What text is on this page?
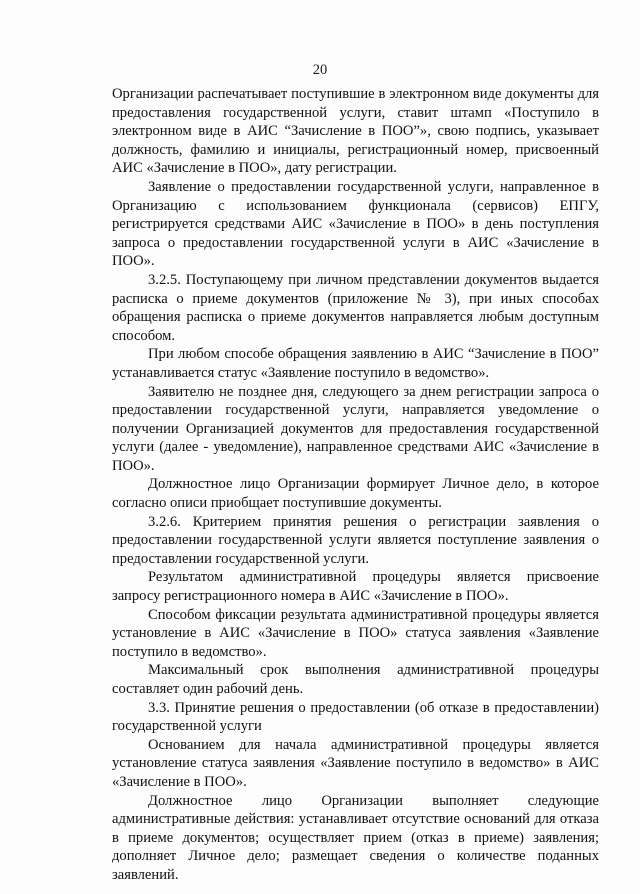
20

Организации распечатывает поступившие в электронном виде документы для предоставления государственной услуги, ставит штамп «Поступило в электронном виде в АИС “Зачисление в ПОО”», свою подпись, указывает должность, фамилию и инициалы, регистрационный номер, присвоенный АИС «Зачисление в ПОО», дату регистрации.

Заявление о предоставлении государственной услуги, направленное в Организацию с использованием функционала (сервисов) ЕПГУ, регистрируется средствами АИС «Зачисление в ПОО» в день поступления запроса о предоставлении государственной услуги в АИС «Зачисление в ПОО».

3.2.5. Поступающему при личном представлении документов выдается расписка о приеме документов (приложение № 3), при иных способах обращения расписка о приеме документов направляется любым доступным способом.

При любом способе обращения заявлению в АИС “Зачисление в ПОО” устанавливается статус «Заявление поступило в ведомство».

Заявителю не позднее дня, следующего за днем регистрации запроса о предоставлении государственной услуги, направляется уведомление о получении Организацией документов для предоставления государственной услуги (далее - уведомление), направленное средствами АИС «Зачисление в ПОО».

Должностное лицо Организации формирует Личное дело, в которое согласно описи приобщает поступившие документы.

3.2.6. Критерием принятия решения о регистрации заявления о предоставлении государственной услуги является поступление заявления о предоставлении государственной услуги.

Результатом административной процедуры является присвоение запросу регистрационного номера в АИС «Зачисление в ПОО».

Способом фиксации результата административной процедуры является установление в АИС «Зачисление в ПОО» статуса заявления «Заявление поступило в ведомство».

Максимальный срок выполнения административной процедуры составляет один рабочий день.

3.3. Принятие решения о предоставлении (об отказе в предоставлении) государственной услуги

Основанием для начала административной процедуры является установление статуса заявления «Заявление поступило в ведомство» в АИС «Зачисление в ПОО».

Должностное лицо Организации выполняет следующие административные действия: устанавливает отсутствие оснований для отказа в приеме документов; осуществляет прием (отказ в приеме) заявления; дополняет Личное дело; размещает сведения о количестве поданных заявлений.
